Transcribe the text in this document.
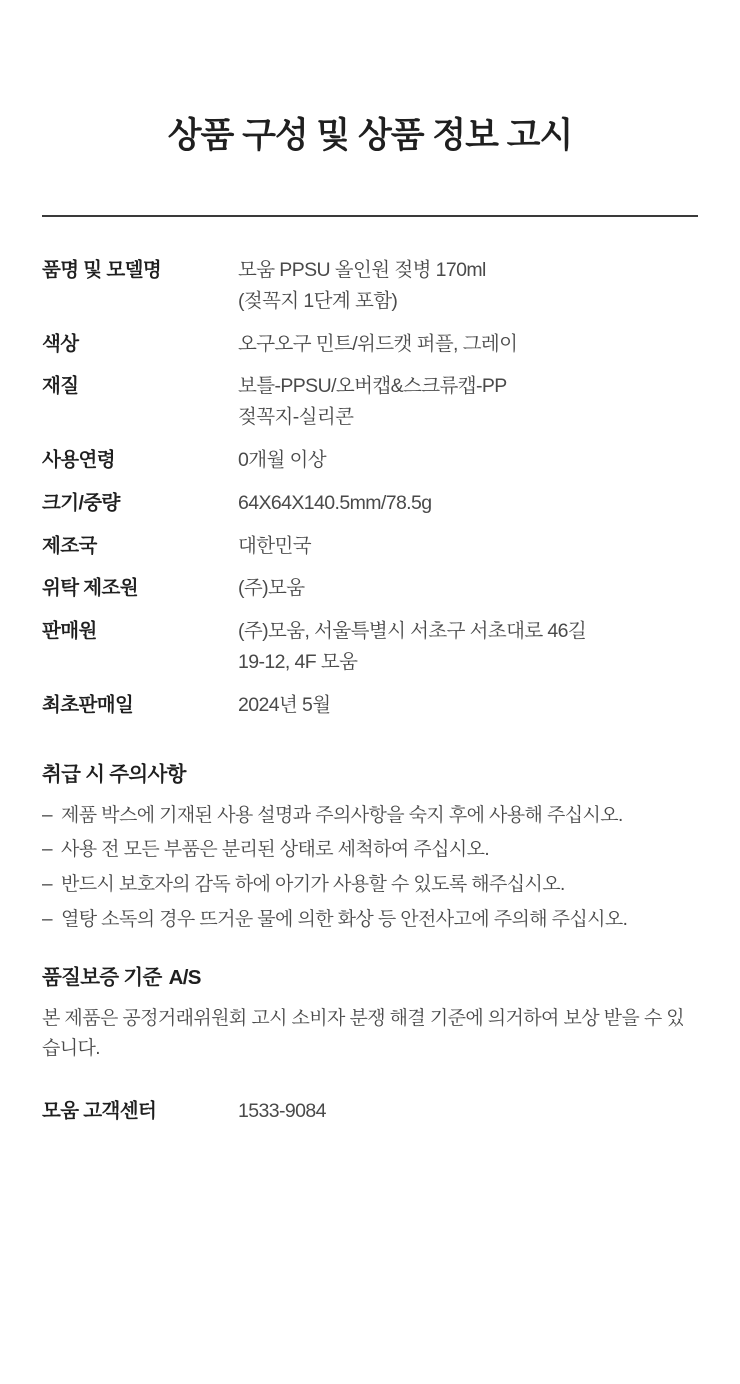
상품 구성 및 상품 정보 고시
품명 및 모델명	모움 PPSU 올인원 젖병 170ml
(젖꼭지 1단계 포함)

색상	오구오구 민트/위드캣 퍼플, 그레이

재질	보틀-PPSU/오버캡&스크류캡-PP
젖꼭지-실리콘

사용연령	0개월 이상

크기/중량	64X64X140.5mm/78.5g

제조국	대한민국

위탁 제조원	(주)모움

판매원	(주)모움, 서울특별시 서초구 서초대로 46길
19-12, 4F 모움

최초판매일	2024년 5월
취급 시 주의사항
– 제품 박스에 기재된 사용 설명과 주의사항을 숙지 후에 사용해 주십시오.
– 사용 전 모든 부품은 분리된 상태로 세척하여 주십시오.
– 반드시 보호자의 감독 하에 아기가 사용할 수 있도록 해주십시오.
– 열탕 소독의 경우 뜨거운 물에 의한 화상 등 안전사고에 주의해 주십시오.
품질보증 기준 A/S
본 제품은 공정거래위원회 고시 소비자 분쟁 해결 기준에 의거하여 보상 받을 수 있습니다.
모움 고객센터	1533-9084
